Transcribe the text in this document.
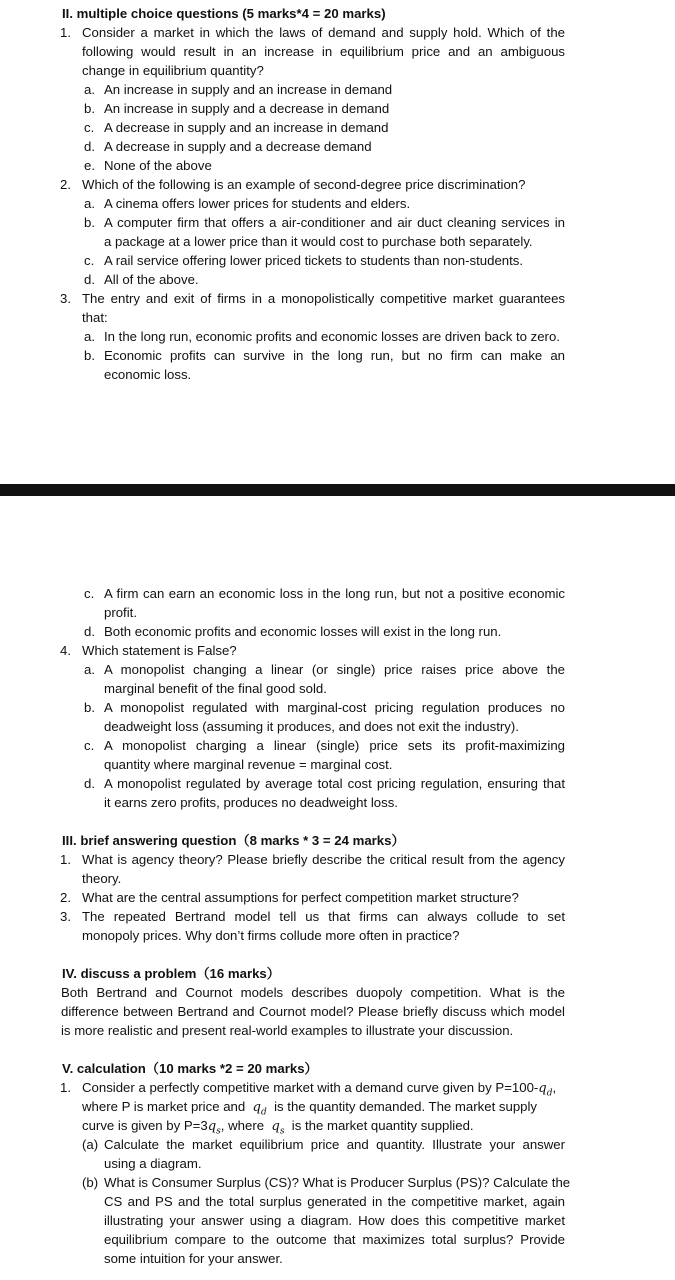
II. multiple choice questions (5 marks*4 = 20 marks)
1. Consider a market in which the laws of demand and supply hold. Which of the
following would result in an increase in equilibrium price and an ambiguous
change in equilibrium quantity?
a. An increase in supply and an increase in demand
b. An increase in supply and a decrease in demand
c. A decrease in supply and an increase in demand
d. A decrease in supply and a decrease demand
e. None of the above
2. Which of the following is an example of second-degree price discrimination?
a. A cinema offers lower prices for students and elders.
b. A computer firm that offers a air-conditioner and air duct cleaning services in
a package at a lower price than it would cost to purchase both separately.
c. A rail service offering lower priced tickets to students than non-students.
d. All of the above.
3. The entry and exit of firms in a monopolistically competitive market guarantees
that:
a. In the long run, economic profits and economic losses are driven back to zero.
b. Economic profits can survive in the long run, but no firm can make an
economic loss.
c. A firm can earn an economic loss in the long run, but not a positive economic
profit.
d. Both economic profits and economic losses will exist in the long run.
4. Which statement is False?
a. A monopolist changing a linear (or single) price raises price above the
marginal benefit of the final good sold.
b. A monopolist regulated with marginal-cost pricing regulation produces no
deadweight loss (assuming it produces, and does not exit the industry).
c. A monopolist charging a linear (single) price sets its profit-maximizing
quantity where marginal revenue = marginal cost.
d. A monopolist regulated by average total cost pricing regulation, ensuring that
it earns zero profits, produces no deadweight loss.
III. brief answering question（8 marks * 3 = 24 marks）
1. What is agency theory? Please briefly describe the critical result from the agency
theory.
2. What are the central assumptions for perfect competition market structure?
3. The repeated Bertrand model tell us that firms can always collude to set
monopoly prices. Why don’t firms collude more often in practice?
IV. discuss a problem（16 marks）
Both Bertrand and Cournot models describes duopoly competition. What is the
difference between Bertrand and Cournot model? Please briefly discuss which model
is more realistic and present real-world examples to illustrate your discussion.
V. calculation（10 marks *2 = 20 marks）
1. Consider a perfectly competitive market with a demand curve given by $P=100-q_d$,
where P is market price and $q_d$ is the quantity demanded. The market supply
curve is given by $P=3q_s$, where $q_s$ is the market quantity supplied.
(a) Calculate the market equilibrium price and quantity. Illustrate your answer
using a diagram.
(b) What is Consumer Surplus (CS)? What is Producer Surplus (PS)? Calculate the
CS and PS and the total surplus generated in the competitive market, again
illustrating your answer using a diagram. How does this competitive market
equilibrium compare to the outcome that maximizes total surplus? Provide
some intuition for your answer.
